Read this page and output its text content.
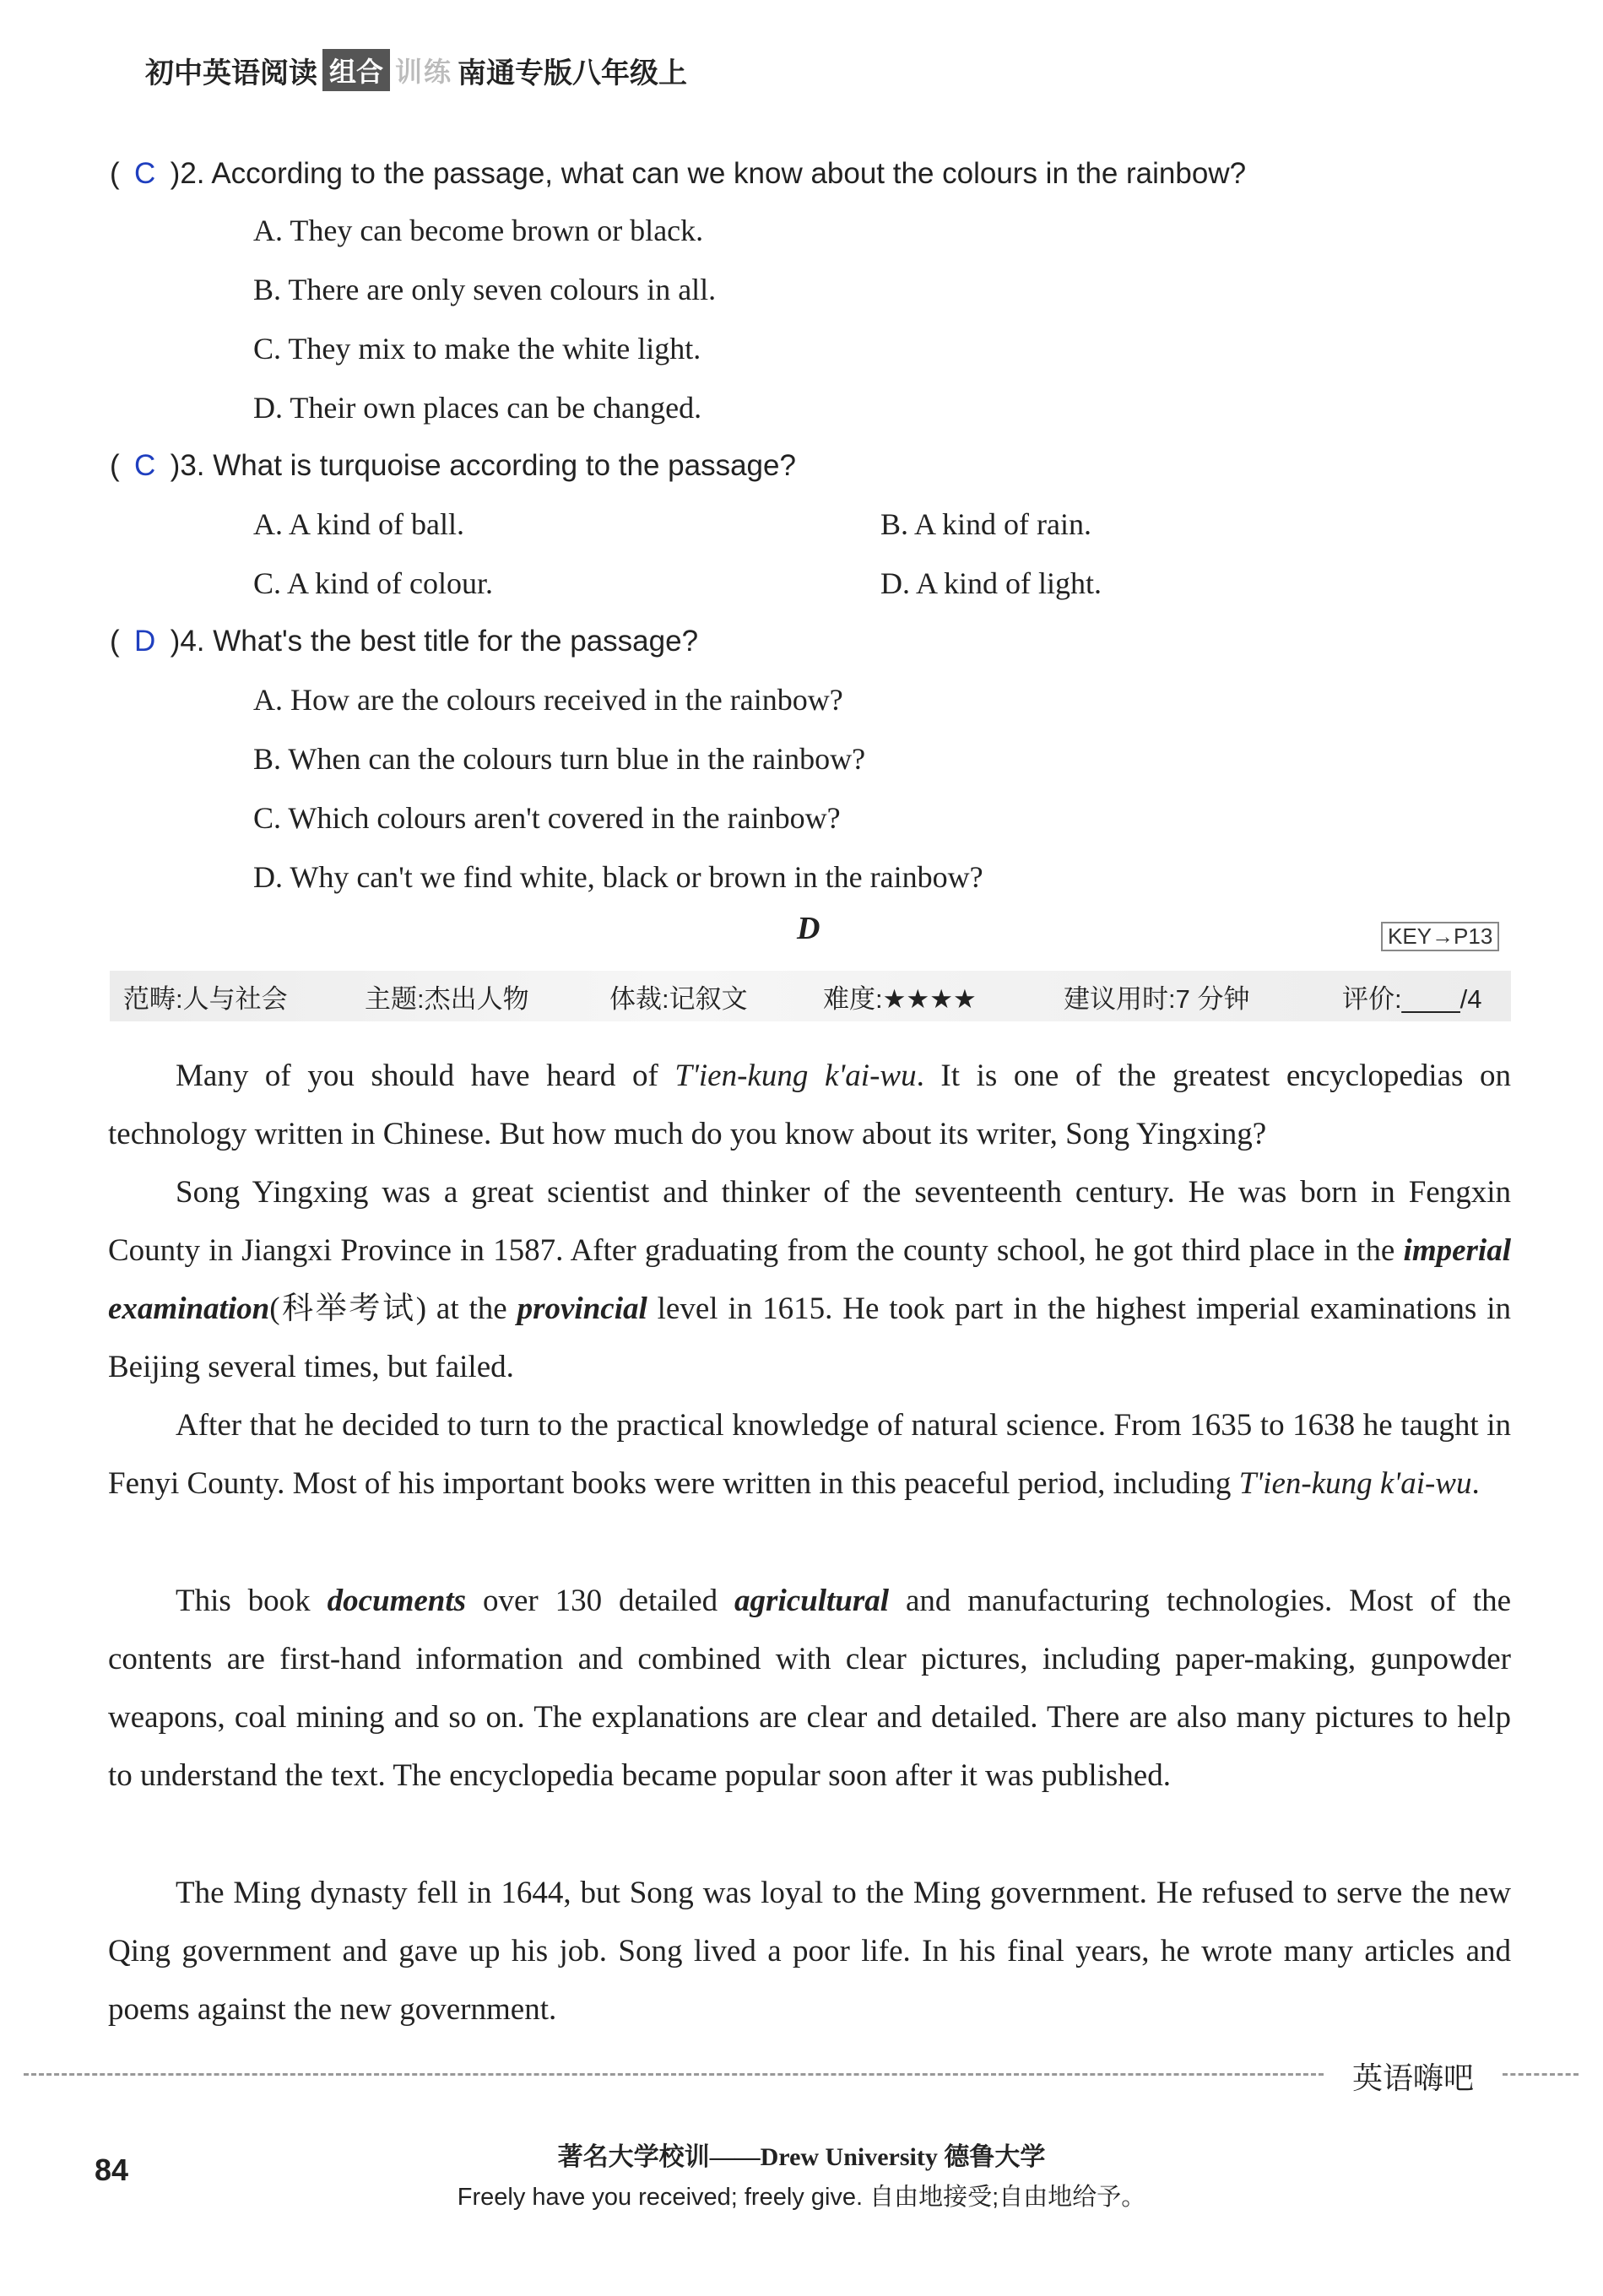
初中英语阅读 组合 训练 南通专版八年级上
( C )2. According to the passage, what can we know about the colours in the rainbow?
A. They can become brown or black.
B. There are only seven colours in all.
C. They mix to make the white light.
D. Their own places can be changed.
( C )3. What is turquoise according to the passage?
A. A kind of ball.	B. A kind of rain.
C. A kind of colour.	D. A kind of light.
( D )4. What's the best title for the passage?
A. How are the colours received in the rainbow?
B. When can the colours turn blue in the rainbow?
C. Which colours aren't covered in the rainbow?
D. Why can't we find white, black or brown in the rainbow?
D	KEY→P13
范畴:人与社会	主题:杰出人物	体裁:记叙文	难度:★★★★	建议用时:7 分钟	评价:____/4
Many of you should have heard of T'ien-kung k'ai-wu. It is one of the greatest encyclopedias on technology written in Chinese. But how much do you know about its writer, Song Yingxing?
Song Yingxing was a great scientist and thinker of the seventeenth century. He was born in Fengxin County in Jiangxi Province in 1587. After graduating from the county school, he got third place in the imperial examination(科举考试) at the provincial level in 1615. He took part in the highest imperial examinations in Beijing several times, but failed.
After that he decided to turn to the practical knowledge of natural science. From 1635 to 1638 he taught in Fenyi County. Most of his important books were written in this peaceful period, including T'ien-kung k'ai-wu.
This book documents over 130 detailed agricultural and manufacturing technologies. Most of the contents are first-hand information and combined with clear pictures, including paper-making, gunpowder weapons, coal mining and so on. The explanations are clear and detailed. There are also many pictures to help to understand the text. The encyclopedia became popular soon after it was published.
The Ming dynasty fell in 1644, but Song was loyal to the Ming government. He refused to serve the new Qing government and gave up his job. Song lived a poor life. In his final years, he wrote many articles and poems against the new government.
英语嗨吧
84	著名大学校训——Drew University 德鲁大学
Freely have you received; freely give. 自由地接受;自由地给予。
